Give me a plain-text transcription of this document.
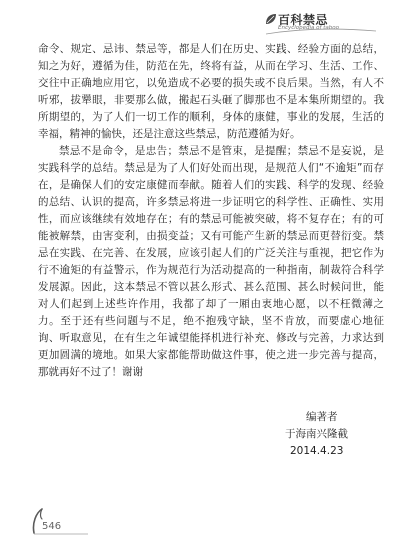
百科禁忌
Encyclopedia of taboo

命令、规定、忌讳、禁忌等，都是人们在历史、实践、经验方面的总结，知之为好，遵循为佳，防范在先，终将有益，从而在学习、生活、工作、交往中正确地应用它，以免造成不必要的损失或不良后果。当然，有人不听邪，拔犟眼，非要那么做，搬起石头砸了脚那也不是本集所期望的。我所期望的，为了人们一切工作的顺利，身体的康健，事业的发展，生活的幸福，精神的愉快，还是注意这些禁忌，防范遵循为好。

禁忌不是命令，是忠告；禁忌不是管束，是提醒；禁忌不是妄说，是实践科学的总结。禁忌是为了人们好处而出现，是规范人们“不逾矩”而存在，是确保人们的安定康健而奉献。随着人们的实践、科学的发现、经验的总结、认识的提高，许多禁忌将进一步证明它的科学性、正确性、实用性，而应该继续有效地存在；有的禁忌可能被突破，将不复存在；有的可能被解禁，由害变利，由损变益；又有可能产生新的禁忌而更替衍变。禁忌在实践、在完善、在发展，应该引起人们的广泛关注与重视，把它作为行不逾矩的有益警示，作为规范行为活动提高的一种指南，制裁符合科学发展源。因此，这本禁忌不管以甚么形式、甚么范围、甚么时候问世，能对人们起到上述些许作用，我都了却了一厢由衷地心愿，以不枉微薄之力。至于还有些问题与不足，绝不抱残守缺，坚不肯放，而要虚心地征询、听取意见，在有生之年诚望能择机进行补充、修改与完善，力求达到更加圆满的境地。如果大家都能帮助做这件事，使之进一步完善与提高，那就再好不过了！谢谢

编著者
于海南兴隆截
2014.4.23
546
